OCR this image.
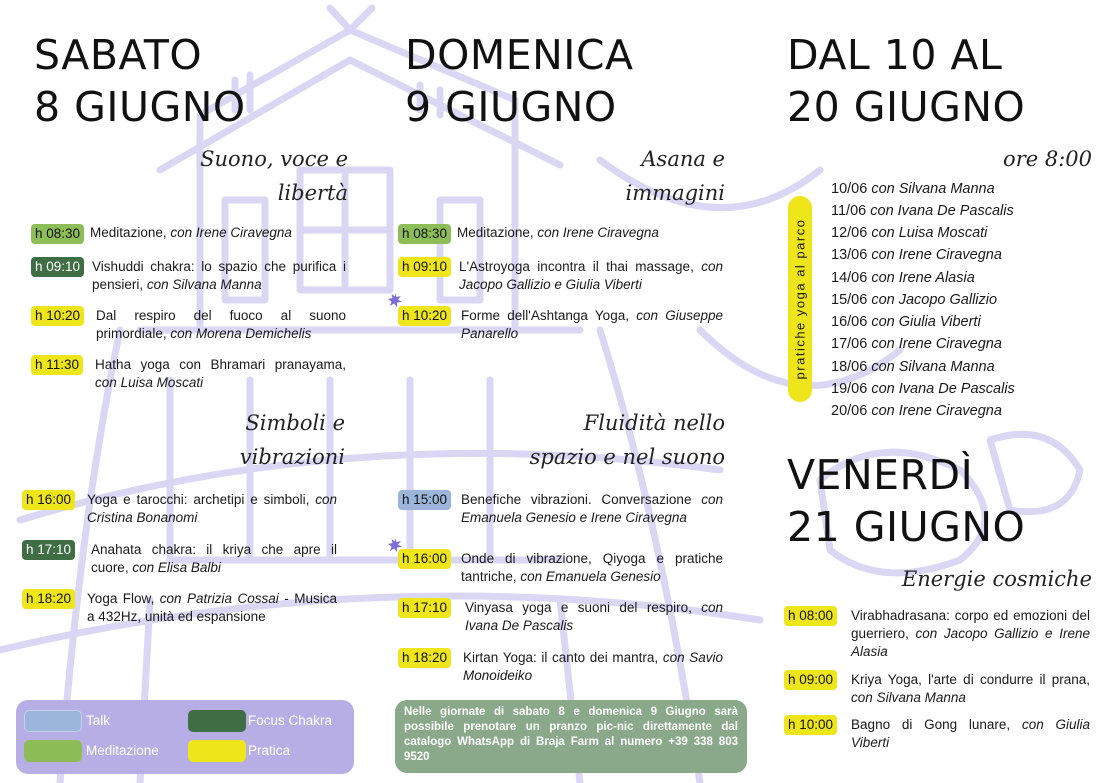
SABATO
8 GIUGNO
Suono, voce e
libertà
h 08:30 Meditazione, con Irene Ciravegna
h 09:10 Vishuddi chakra: lo spazio che purifica i pensieri, con Silvana Manna
h 10:20 Dal respiro del fuoco al suono primordiale, con Morena Demichelis
h 11:30 Hatha yoga con Bhramari pranayama, con Luisa Moscati
Simboli e
vibrazioni
h 16:00 Yoga e tarocchi: archetipi e simboli, con Cristina Bonanomi
h 17:10 Anahata chakra: il kriya che apre il cuore, con Elisa Balbi
h 18:20 Yoga Flow, con Patrizia Cossai - Musica a 432Hz, unità ed espansione
Talk
Meditazione
Focus Chakra
Pratica
DOMENICA
9 GIUGNO
Asana e
immagini
h 08:30 Meditazione, con Irene Ciravegna
h 09:10 L'Astroyoga incontra il thai massage, con Jacopo Gallizio e Giulia Viberti
h 10:20 Forme dell'Ashtanga Yoga, con Giuseppe Panarello
Fluidità nello
spazio e nel suono
h 15:00 Benefiche vibrazioni. Conversazione con Emanuela Genesio e Irene Ciravegna
h 16:00 Onde di vibrazione, Qiyoga e pratiche tantriche, con Emanuela Genesio
h 17:10 Vinyasa yoga e suoni del respiro, con Ivana De Pascalis
h 18:20 Kirtan Yoga: il canto dei mantra, con Savio Monoideiko
Nelle giornate di sabato 8 e domenica 9 Giugno sarà possibile prenotare un pranzo pic-nic direttamente dal catalogo WhatsApp di Braja Farm al numero +39 338 803 9520
DAL 10 AL
20 GIUGNO
ore 8:00
pratiche yoga al parco
10/06 con Silvana Manna
11/06 con Ivana De Pascalis
12/06 con Luisa Moscati
13/06 con Irene Ciravegna
14/06 con Irene Alasia
15/06 con Jacopo Gallizio
16/06 con Giulia Viberti
17/06 con Irene Ciravegna
18/06 con Silvana Manna
19/06 con Ivana De Pascalis
20/06 con Irene Ciravegna
VENERDÌ
21 GIUGNO
Energie cosmiche
h 08:00 Virabhadrasana: corpo ed emozioni del guerriero, con Jacopo Gallizio e Irene Alasia
h 09:00 Kriya Yoga, l'arte di condurre il prana, con Silvana Manna
h 10:00 Bagno di Gong lunare, con Giulia Viberti
